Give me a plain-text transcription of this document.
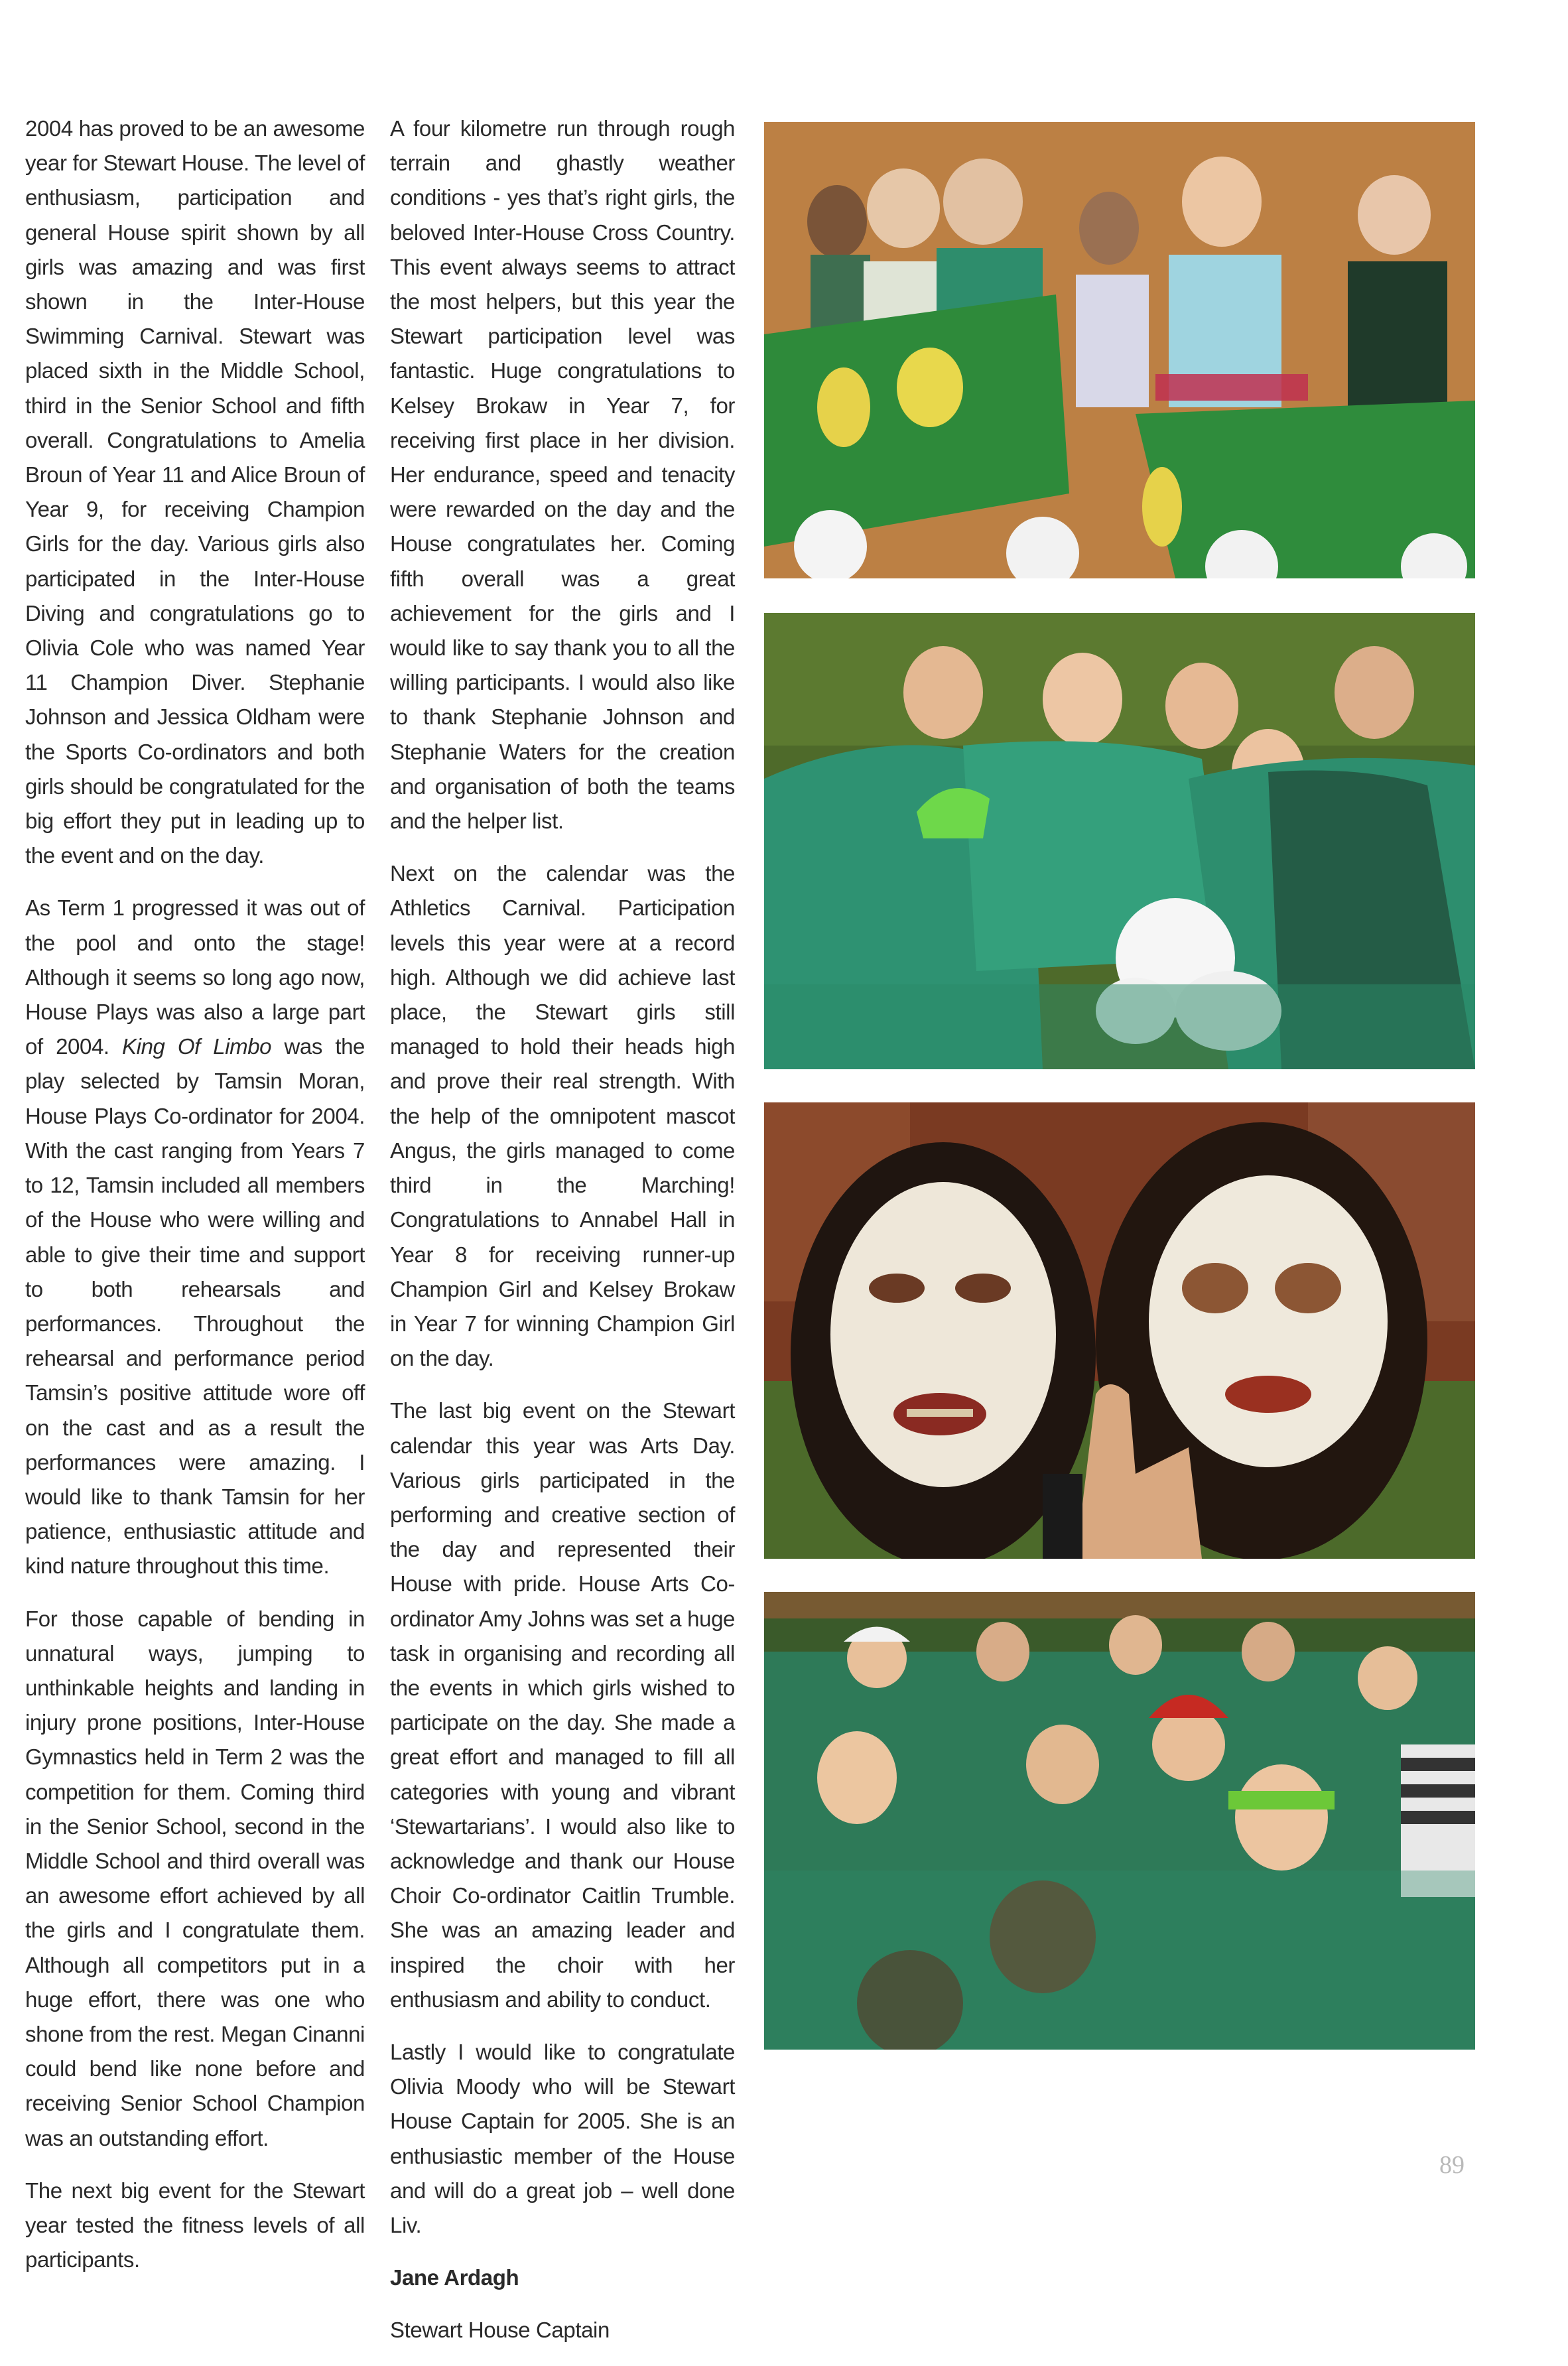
2004 has proved to be an awesome year for Stewart House. The level of enthusiasm, participation and general House spirit shown by all girls was amazing and was first shown in the Inter-House Swimming Carnival. Stewart was placed sixth in the Middle School, third in the Senior School and fifth overall. Congratulations to Amelia Broun of Year 11 and Alice Broun of Year 9, for receiving Champion Girls for the day. Various girls also participated in the Inter-House Diving and congratulations go to Olivia Cole who was named Year 11 Champion Diver. Stephanie Johnson and Jessica Oldham were the Sports Co-ordinators and both girls should be congratulated for the big effort they put in leading up to the event and on the day.

As Term 1 progressed it was out of the pool and onto the stage! Although it seems so long ago now, House Plays was also a large part of 2004. King Of Limbo was the play selected by Tamsin Moran, House Plays Co-ordinator for 2004. With the cast ranging from Years 7 to 12, Tamsin included all members of the House who were willing and able to give their time and support to both rehearsals and performances. Throughout the rehearsal and performance period Tamsin’s positive attitude wore off on the cast and as a result the performances were amazing. I would like to thank Tamsin for her patience, enthusiastic attitude and kind nature throughout this time.

For those capable of bending in unnatural ways, jumping to unthinkable heights and landing in injury prone positions, Inter-House Gymnastics held in Term 2 was the competition for them. Coming third in the Senior School, second in the Middle School and third overall was an awesome effort achieved by all the girls and I congratulate them. Although all competitors put in a huge effort, there was one who shone from the rest. Megan Cinanni could bend like none before and receiving Senior School Champion was an outstanding effort.

The next big event for the Stewart year tested the fitness levels of all participants.

A four kilometre run through rough terrain and ghastly weather conditions - yes that’s right girls, the beloved Inter-House Cross Country. This event always seems to attract the most helpers, but this year the Stewart participation level was fantastic. Huge congratulations to Kelsey Brokaw in Year 7, for receiving first place in her division. Her endurance, speed and tenacity were rewarded on the day and the House congratulates her. Coming fifth overall was a great achievement for the girls and I would like to say thank you to all the willing participants. I would also like to thank Stephanie Johnson and Stephanie Waters for the creation and organisation of both the teams and the helper list.

Next on the calendar was the Athletics Carnival. Participation levels this year were at a record high. Although we did achieve last place, the Stewart girls still managed to hold their heads high and prove their real strength. With the help of the omnipotent mascot Angus, the girls managed to come third in the Marching! Congratulations to Annabel Hall in Year 8 for receiving runner-up Champion Girl and Kelsey Brokaw in Year 7 for winning Champion Girl on the day.

The last big event on the Stewart calendar this year was Arts Day. Various girls participated in the performing and creative section of the day and represented their House with pride. House Arts Co-ordinator Amy Johns was set a huge task in organising and recording all the events in which girls wished to participate on the day. She made a great effort and managed to fill all categories with young and vibrant ‘Stewartarians’. I would also like to acknowledge and thank our House Choir Co-ordinator Caitlin Trumble. She was an amazing leader and inspired the choir with her enthusiasm and ability to conduct.

Lastly I would like to congratulate Olivia Moody who will be Stewart House Captain for 2005. She is an enthusiastic member of the House and will do a great job – well done Liv.

Jane Ardagh

Stewart House Captain

89
